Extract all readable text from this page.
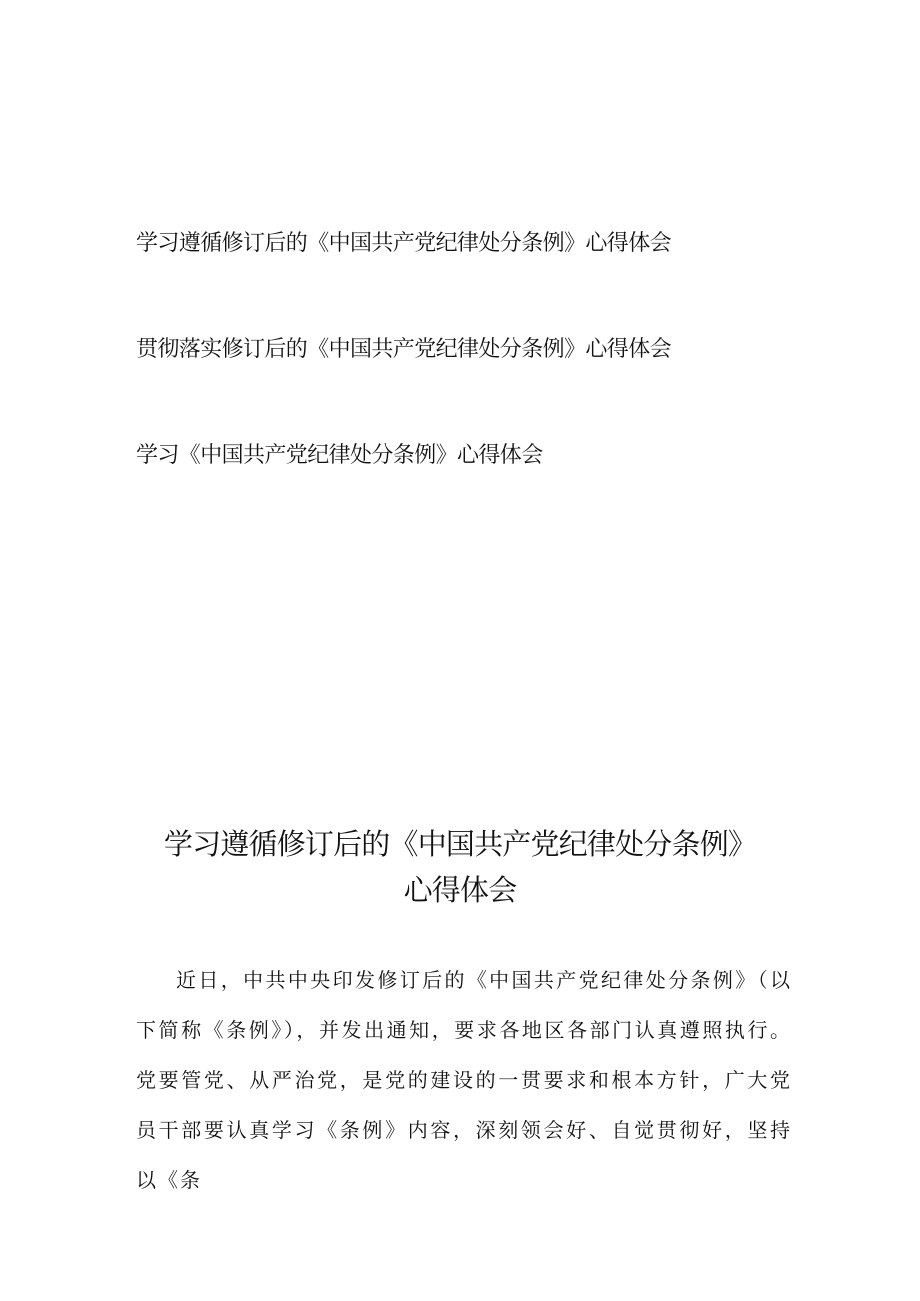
学习遵循修订后的《中国共产党纪律处分条例》心得体会
贯彻落实修订后的《中国共产党纪律处分条例》心得体会
学习《中国共产党纪律处分条例》心得体会
学习遵循修订后的《中国共产党纪律处分条例》
心得体会

近日，中共中央印发修订后的《中国共产党纪律处分条例》（以下简称《条例》），并发出通知，要求各地区各部门认真遵照执行。党要管党、从严治党，是党的建设的一贯要求和根本方针，广大党员干部要认真学习《条例》内容，深刻领会好、自觉贯彻好，坚持以《条
